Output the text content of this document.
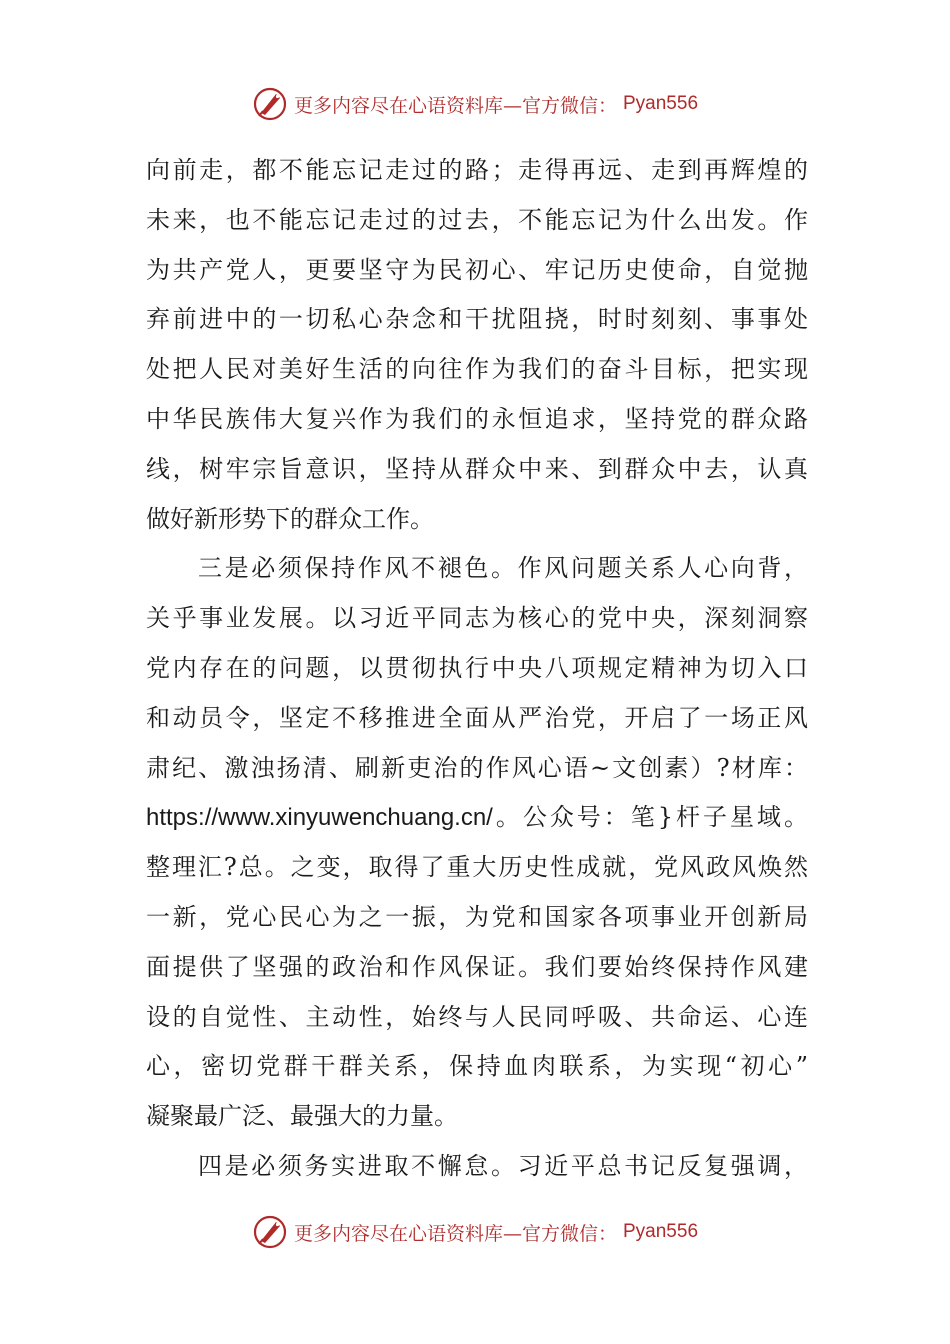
更多内容尽在心语资料库—官方微信： Pyan556
向前走，都不能忘记走过的路；走得再远、走到再辉煌的
未来，也不能忘记走过的过去，不能忘记为什么出发。作
为共产党人，更要坚守为民初心、牢记历史使命，自觉抛
弃前进中的一切私心杂念和干扰阻挠，时时刻刻、事事处
处把人民对美好生活的向往作为我们的奋斗目标，把实现
中华民族伟大复兴作为我们的永恒追求，坚持党的群众路
线，树牢宗旨意识，坚持从群众中来、到群众中去，认真
做好新形势下的群众工作。
三是必须保持作风不褪色。作风问题关系人心向背，
关乎事业发展。以习近平同志为核心的党中央，深刻洞察
党内存在的问题，以贯彻执行中央八项规定精神为切入口
和动员令，坚定不移推进全面从严治党，开启了一场正风
肃纪、激浊扬清、刷新吏治的作风心语~文创素）?材库：
https://www.xinyuwenchuang.cn/。公众号：笔}杆子星域。
整理汇?总。之变，取得了重大历史性成就，党风政风焕然
一新，党心民心为之一振，为党和国家各项事业开创新局
面提供了坚强的政治和作风保证。我们要始终保持作风建
设的自觉性、主动性，始终与人民同呼吸、共命运、心连
心，密切党群干群关系，保持血肉联系，为实现“初心”
凝聚最广泛、最强大的力量。
四是必须务实进取不懈怠。习近平总书记反复强调，
更多内容尽在心语资料库—官方微信： Pyan556
